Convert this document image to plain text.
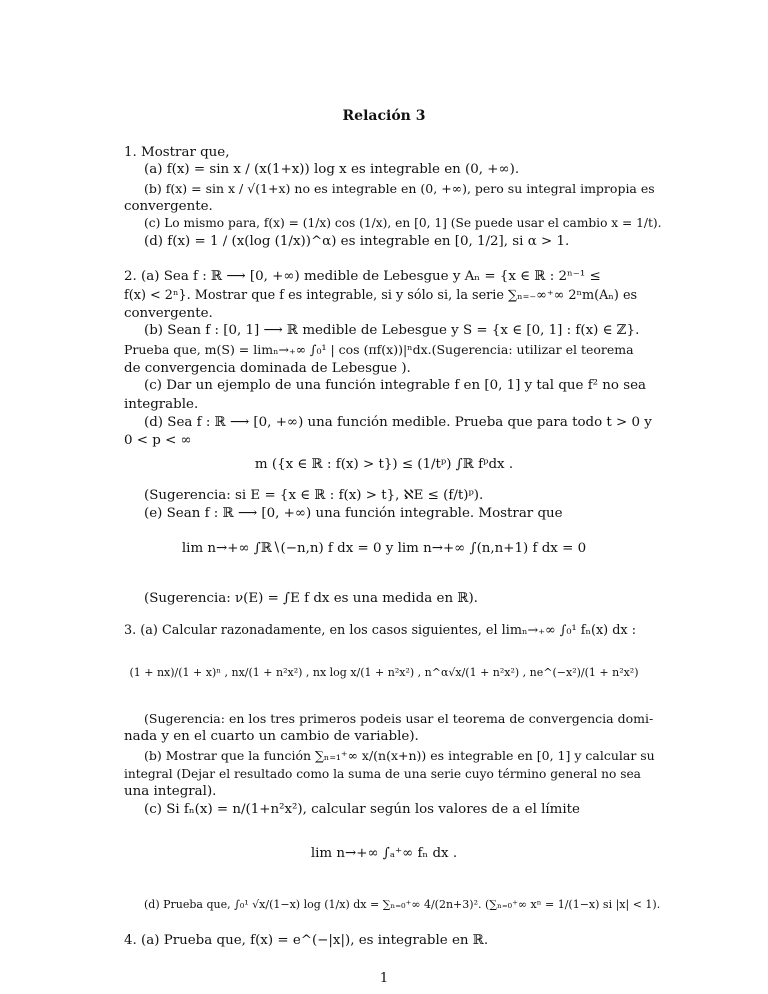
Relación 3
1. Mostrar que,
(a) f(x) = sin x / (x(1+x)) log x es integrable en (0, +∞).
(b) f(x) = sin x / √(1+x) no es integrable en (0, +∞), pero su integral impropia es
convergente.
(c) Lo mismo para, f(x) = (1/x) cos (1/x), en [0, 1] (Se puede usar el cambio x = 1/t).
(d) f(x) = 1 / (x(log (1/x))^α) es integrable en [0, 1/2], si α > 1.
2. (a) Sea f : ℝ ⟶ [0, +∞) medible de Lebesgue y Aₙ = {x ∈ ℝ : 2ⁿ⁻¹ ≤
f(x) < 2ⁿ}. Mostrar que f es integrable, si y sólo si, la serie ∑ₙ₌₋∞⁺∞ 2ⁿm(Aₙ) es
convergente.
(b) Sean f : [0, 1] ⟶ ℝ medible de Lebesgue y S = {x ∈ [0, 1] : f(x) ∈ ℤ}.
Prueba que, m(S) = limₙ→₊∞ ∫₀¹ | cos (πf(x))|ⁿdx.(Sugerencia: utilizar el teorema
de convergencia dominada de Lebesgue ).
(c) Dar un ejemplo de una función integrable f en [0, 1] y tal que f² no sea
integrable.
(d) Sea f : ℝ ⟶ [0, +∞) una función medible. Prueba que para todo t > 0 y
0 < p < ∞
m ({x ∈ ℝ : f(x) > t}) ≤ (1/tᵖ) ∫ℝ fᵖdx .
(Sugerencia: si E = {x ∈ ℝ : f(x) > t}, ℵE ≤ (f/t)ᵖ).
(e) Sean f : ℝ ⟶ [0, +∞) una función integrable. Mostrar que
lim n→+∞ ∫ℝ∖(−n,n) f dx = 0 y lim n→+∞ ∫(n,n+1) f dx = 0
(Sugerencia: ν(E) = ∫E f dx es una medida en ℝ).
3. (a) Calcular razonadamente, en los casos siguientes, el limₙ→₊∞ ∫₀¹ fₙ(x) dx :
(1 + nx)/(1 + x)ⁿ , nx/(1 + n²x²) , nx log x/(1 + n²x²) , n^α√x/(1 + n²x²) , ne^(−x²)/(1 + n²x²)
(Sugerencia: en los tres primeros podeis usar el teorema de convergencia domi-
nada y en el cuarto un cambio de variable).
(b) Mostrar que la función ∑ₙ₌₁⁺∞ x/(n(x+n)) es integrable en [0, 1] y calcular su
integral (Dejar el resultado como la suma de una serie cuyo término general no sea
una integral).
(c) Si fₙ(x) = n/(1+n²x²), calcular según los valores de a el límite
lim n→+∞ ∫ₐ⁺∞ fₙ dx .
(d) Prueba que, ∫₀¹ √x/(1−x) log (1/x) dx = ∑ₙ₌₀⁺∞ 4/(2n+3)². (∑ₙ₌₀⁺∞ xⁿ = 1/(1−x) si |x| < 1).
4. (a) Prueba que, f(x) = e^(−|x|), es integrable en ℝ.
1
